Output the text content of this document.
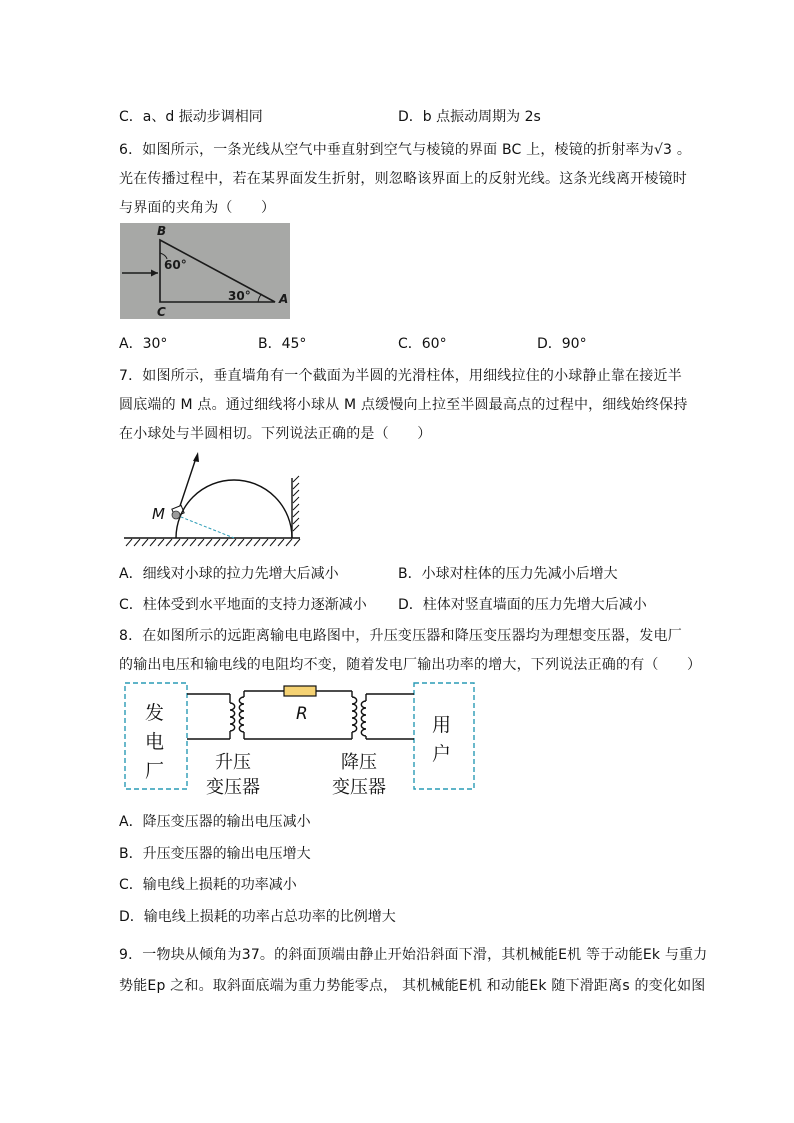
C．a、d 振动步调相同	D．b 点振动周期为 2s
6．如图所示，一条光线从空气中垂直射到空气与棱镜的界面 BC 上，棱镜的折射率为√3 。
光在传播过程中，若在某界面发生折射，则忽略该界面上的反射光线。这条光线离开棱镜时
与界面的夹角为（　　）
B
C
A
60°
30°
A．30°	B．45°	C．60°	D．90°
7．如图所示，垂直墙角有一个截面为半圆的光滑柱体，用细线拉住的小球静止靠在接近半
圆底端的 M 点。通过细线将小球从 M 点缓慢向上拉至半圆最高点的过程中，细线始终保持
在小球处与半圆相切。下列说法正确的是（　　）
M
A．细线对小球的拉力先增大后减小	B．小球对柱体的压力先减小后增大
C．柱体受到水平地面的支持力逐渐减小 D．柱体对竖直墙面的压力先增大后减小
8．在如图所示的远距离输电电路图中，升压变压器和降压变压器均为理想变压器，发电厂
的输出电压和输电线的电阻均不变，随着发电厂输出功率的增大，下列说法正确的有（　　）
R
发
电
厂
用
户
升压
变压器
降压
变压器
A．降压变压器的输出电压减小
B．升压变压器的输出电压增大
C．输电线上损耗的功率减小
D．输电线上损耗的功率占总功率的比例增大
9．一物块从倾角为37。的斜面顶端由静止开始沿斜面下滑，其机械能E机 等于动能Ek 与重力
势能Ep 之和。取斜面底端为重力势能零点， 其机械能E机 和动能Ek 随下滑距离s 的变化如图
